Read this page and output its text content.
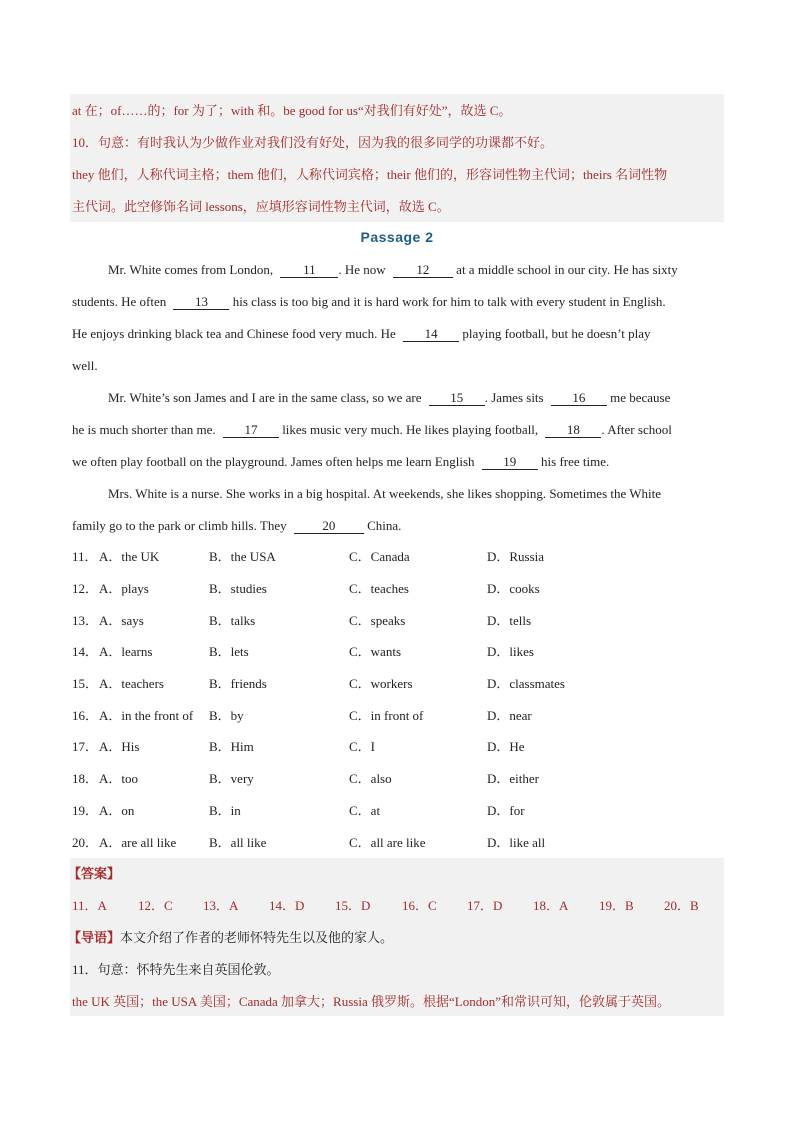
at 在；of……的；for 为了；with 和。be good for us“对我们有好处”，故选 C。
10．句意：有时我认为少做作业对我们没有好处，因为我的很多同学的功课都不好。
they 他们，人称代词主格；them 他们，人称代词宾格；their 他们的，形容词性物主代词；theirs 名词性物
主代词。此空修饰名词 lessons，应填形容词性物主代词，故选 C。
Passage 2
Mr. White comes from London, 11 . He now 12 at a middle school in our city. He has sixty
students. He often 13 his class is too big and it is hard work for him to talk with every student in English.
He enjoys drinking black tea and Chinese food very much. He 14 playing football, but he doesn’t play
well.
Mr. White’s son James and I are in the same class, so we are 15 . James sits 16 me because
he is much shorter than me. 17 likes music very much. He likes playing football, 18 . After school
we often play football on the playground. James often helps me learn English 19 his free time.
Mrs. White is a nurse. She works in a big hospital. At weekends, she likes shopping. Sometimes the White
family go to the park or climb hills. They	20 China.
11． A．the UK	B．the USA	C．Canada	D．Russia
12． A．plays	B．studies	C．teaches	D．cooks
13． A．says	B．talks	C．speaks	D．tells
14． A．learns	B．lets	C．wants	D．likes
15． A．teachers	B．friends	C．workers	D．classmates
16． A．in the front of B．by	C．in front of	D．near
17． A．His	B．Him	C．I	D．He
18． A．too	B．very	C．also	D．either
19． A．on	B．in	C．at	D．for
20． A．are all like	B．all like	C．all are like	D．like all
【答案】
11．A 12．C 13．A 14．D 15．D 16．C 17．D 18．A 19．B 20．B
【导语】本文介绍了作者的老师怀特先生以及他的家人。
11．句意：怀特先生来自英国伦敦。
the UK 英国；the USA 美国；Canada 加拿大；Russia 俄罗斯。根据“London”和常识可知，伦敦属于英国。
